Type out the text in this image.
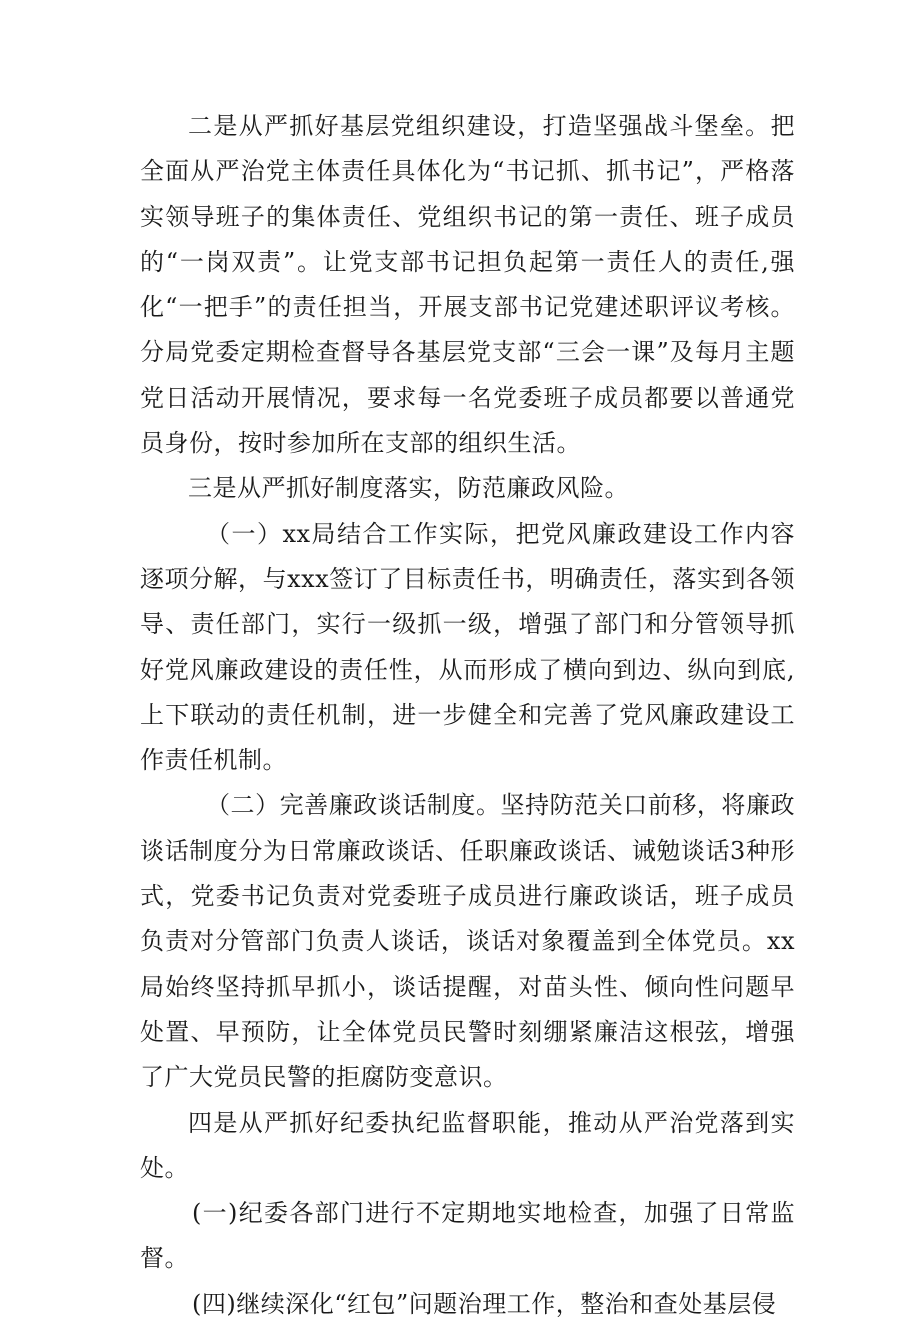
二是从严抓好基层党组织建设，打造坚强战斗堡垒。把全面从严治党主体责任具体化为“书记抓、抓书记”，严格落实领导班子的集体责任、党组织书记的第一责任、班子成员的“一岗双责”。让党支部书记担负起第一责任人的责任,强化“一把手”的责任担当，开展支部书记党建述职评议考核。分局党委定期检查督导各基层党支部“三会一课”及每月主题党日活动开展情况，要求每一名党委班子成员都要以普通党员身份，按时参加所在支部的组织生活。

三是从严抓好制度落实，防范廉政风险。

（一）xx局结合工作实际，把党风廉政建设工作内容逐项分解，与xxx签订了目标责任书，明确责任，落实到各领导、责任部门，实行一级抓一级，增强了部门和分管领导抓好党风廉政建设的责任性，从而形成了横向到边、纵向到底,上下联动的责任机制，进一步健全和完善了党风廉政建设工作责任机制。

（二）完善廉政谈话制度。坚持防范关口前移，将廉政谈话制度分为日常廉政谈话、任职廉政谈话、诫勉谈话3种形式，党委书记负责对党委班子成员进行廉政谈话，班子成员负责对分管部门负责人谈话，谈话对象覆盖到全体党员。xx局始终坚持抓早抓小，谈话提醒，对苗头性、倾向性问题早处置、早预防，让全体党员民警时刻绷紧廉洁这根弦，增强了广大党员民警的拒腐防变意识。

四是从严抓好纪委执纪监督职能，推动从严治党落到实处。

(一)纪委各部门进行不定期地实地检查，加强了日常监督。

(四)继续深化“红包”问题治理工作，整治和查处基层侵
